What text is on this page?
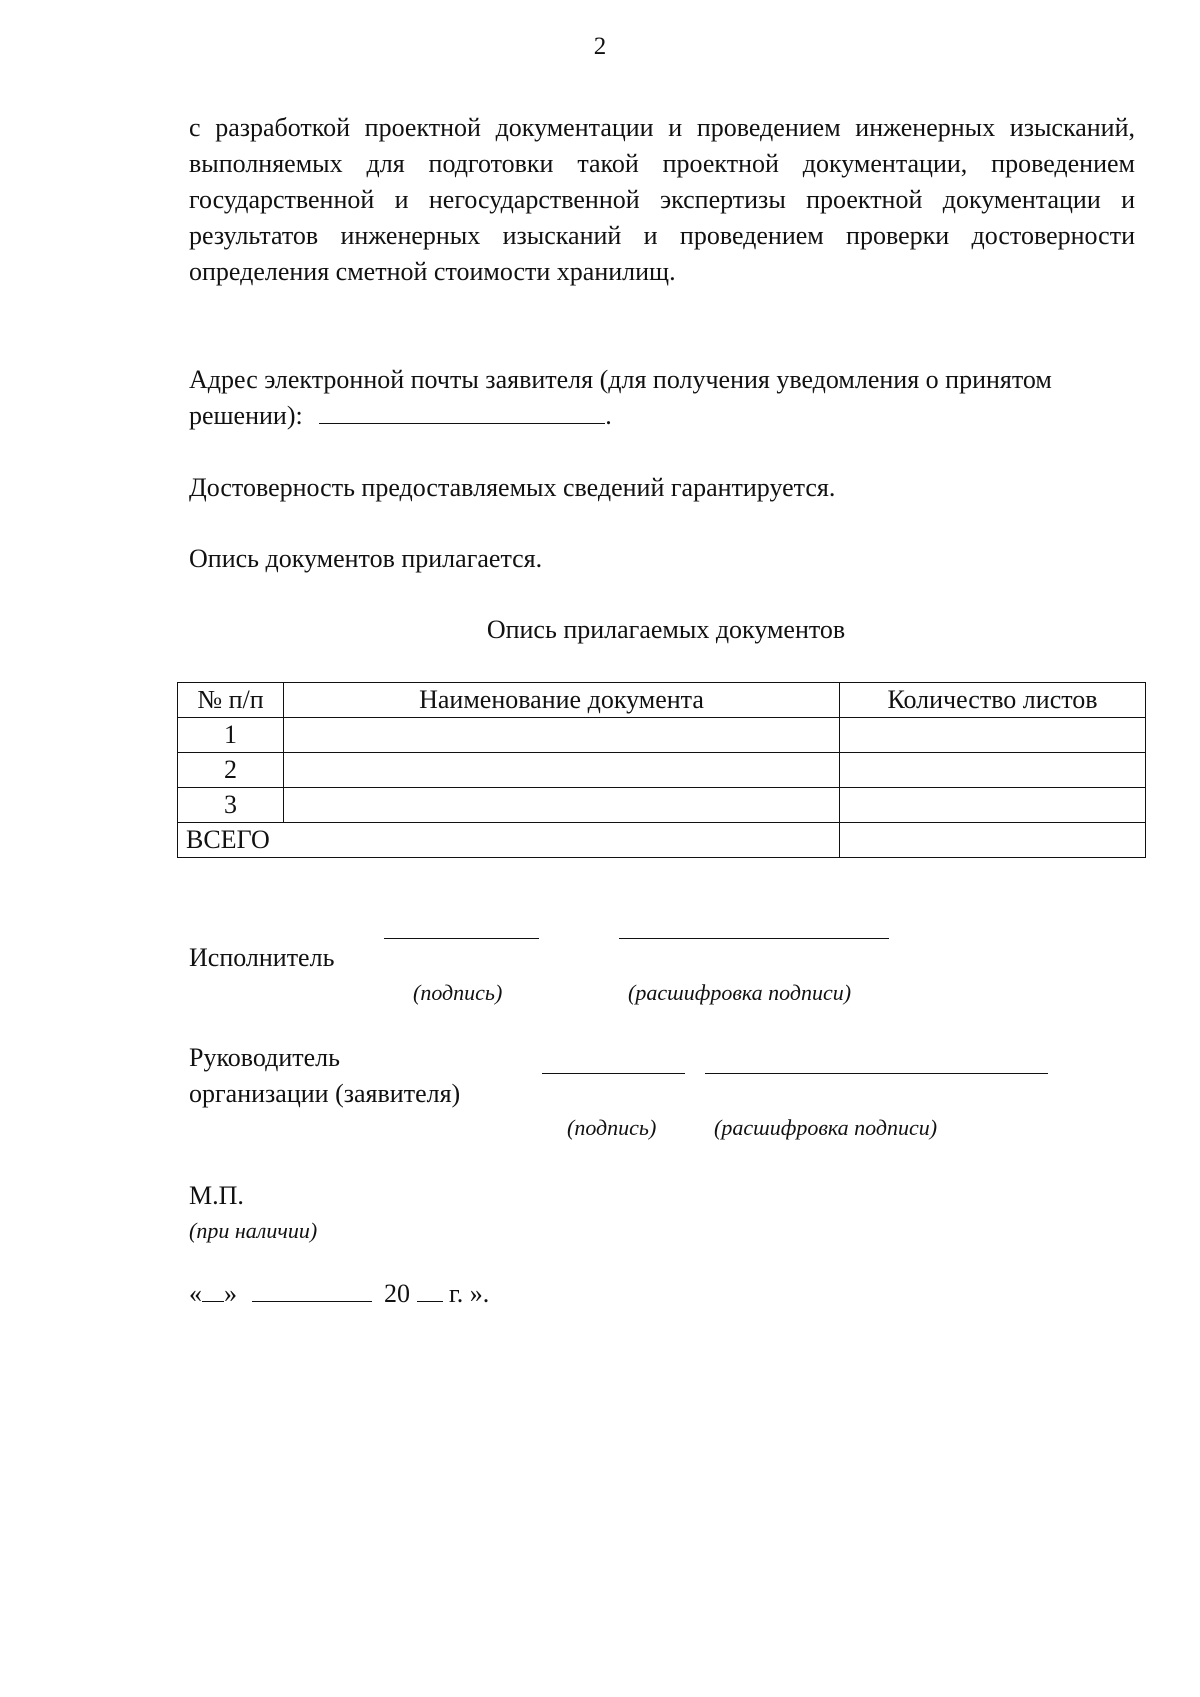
2
с разработкой проектной документации и проведением инженерных изысканий, выполняемых для подготовки такой проектной документации, проведением государственной и негосударственной экспертизы проектной документации и результатов инженерных изысканий и проведением проверки достоверности определения сметной стоимости хранилищ.
Адрес электронной почты заявителя (для получения уведомления о принятом решении):	.
Достоверность предоставляемых сведений гарантируется.
Опись документов прилагается.
Опись прилагаемых документов
№ п/п	Наименование документа	Количество листов
1		
2		
3		
ВСЕГО		
Исполнитель
(подпись)	(расшифровка подписи)
Руководитель
организации (заявителя)
(подпись)	(расшифровка подписи)
М.П.
(при наличии)
« »	20 г. ».
